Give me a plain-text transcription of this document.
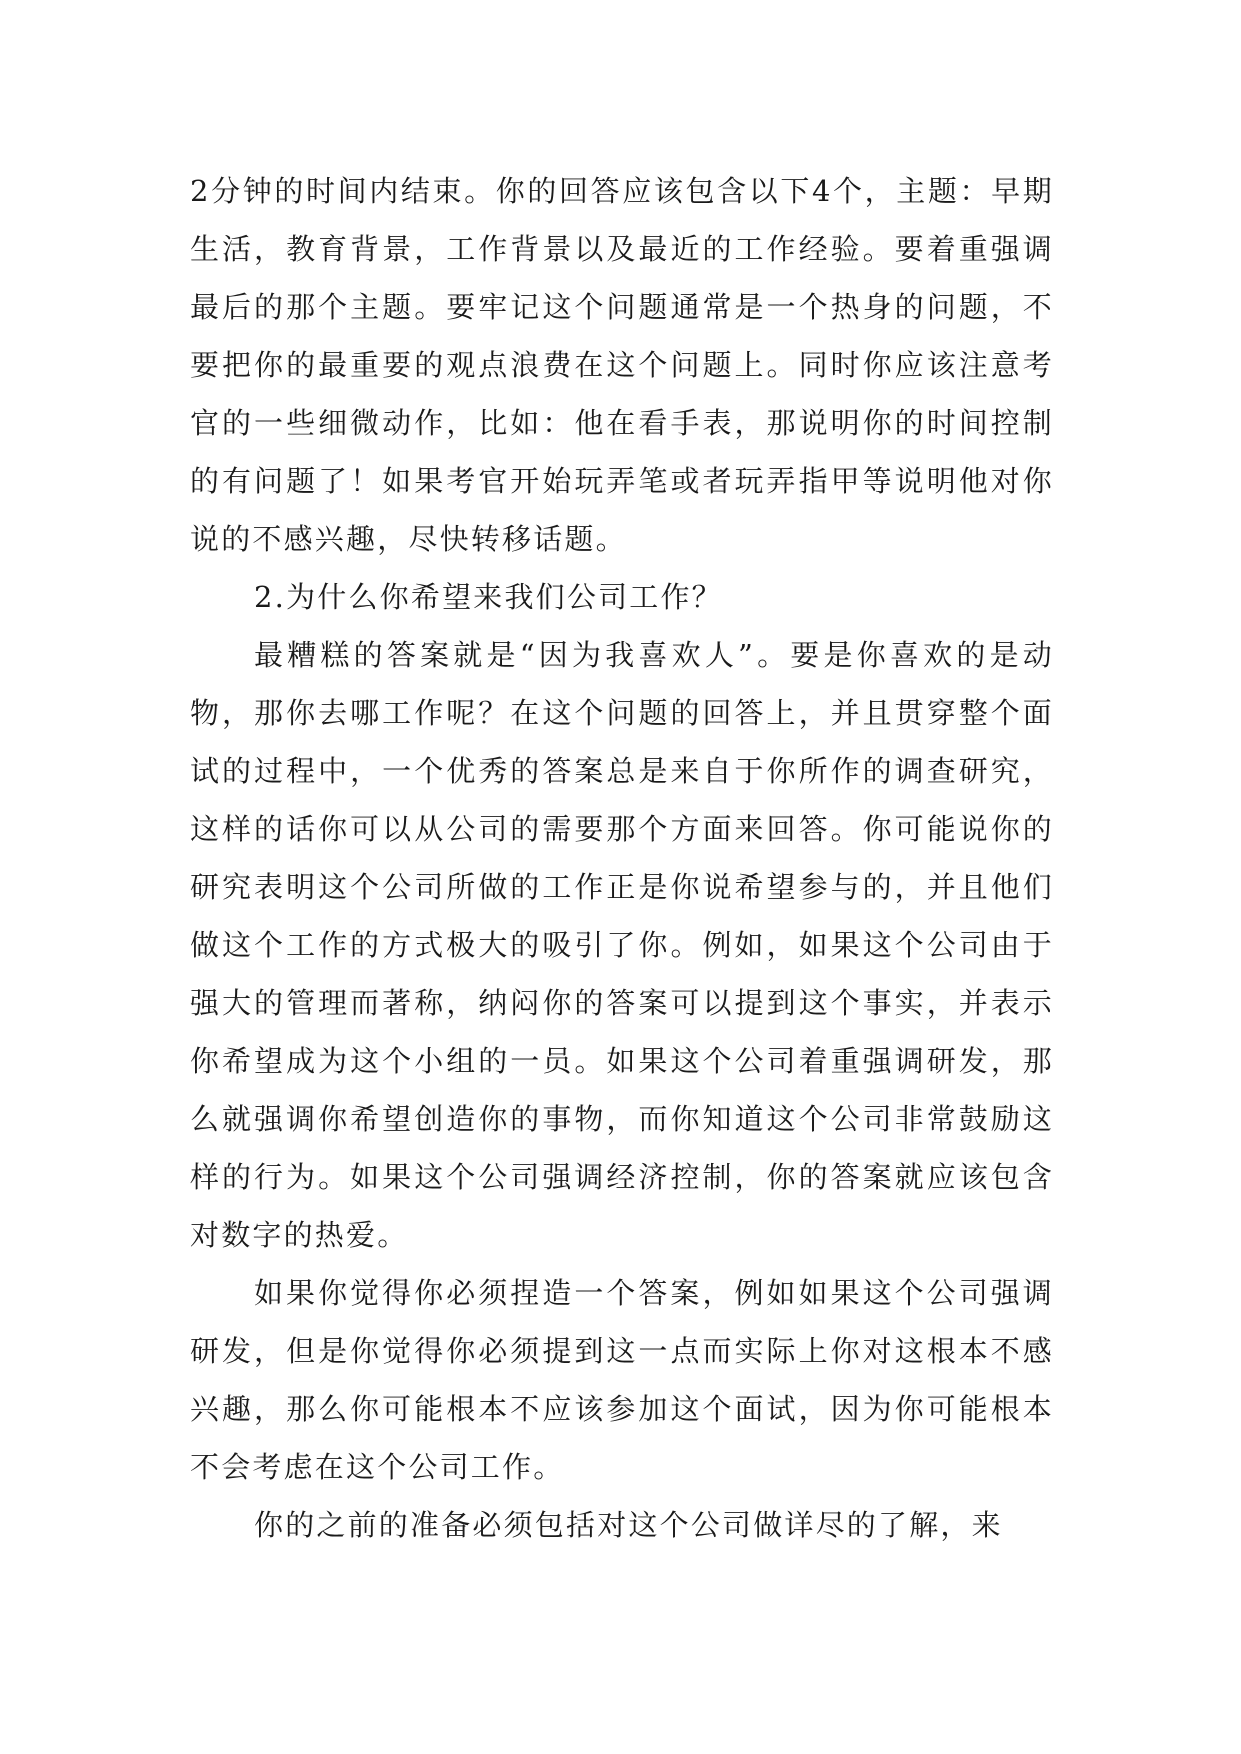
2分钟的时间内结束。你的回答应该包含以下4个，主题：早期生活，教育背景，工作背景以及最近的工作经验。要着重强调最后的那个主题。要牢记这个问题通常是一个热身的问题，不要把你的最重要的观点浪费在这个问题上。同时你应该注意考官的一些细微动作，比如：他在看手表，那说明你的时间控制的有问题了！如果考官开始玩弄笔或者玩弄指甲等说明他对你说的不感兴趣，尽快转移话题。

2.为什么你希望来我们公司工作？

最糟糕的答案就是“因为我喜欢人”。要是你喜欢的是动物，那你去哪工作呢？在这个问题的回答上，并且贯穿整个面试的过程中，一个优秀的答案总是来自于你所作的调查研究，这样的话你可以从公司的需要那个方面来回答。你可能说你的研究表明这个公司所做的工作正是你说希望参与的，并且他们做这个工作的方式极大的吸引了你。例如，如果这个公司由于强大的管理而著称，纳闷你的答案可以提到这个事实，并表示你希望成为这个小组的一员。如果这个公司着重强调研发，那么就强调你希望创造你的事物，而你知道这个公司非常鼓励这样的行为。如果这个公司强调经济控制，你的答案就应该包含对数字的热爱。

如果你觉得你必须捏造一个答案，例如如果这个公司强调研发，但是你觉得你必须提到这一点而实际上你对这根本不感兴趣，那么你可能根本不应该参加这个面试，因为你可能根本不会考虑在这个公司工作。

你的之前的准备必须包括对这个公司做详尽的了解，来
